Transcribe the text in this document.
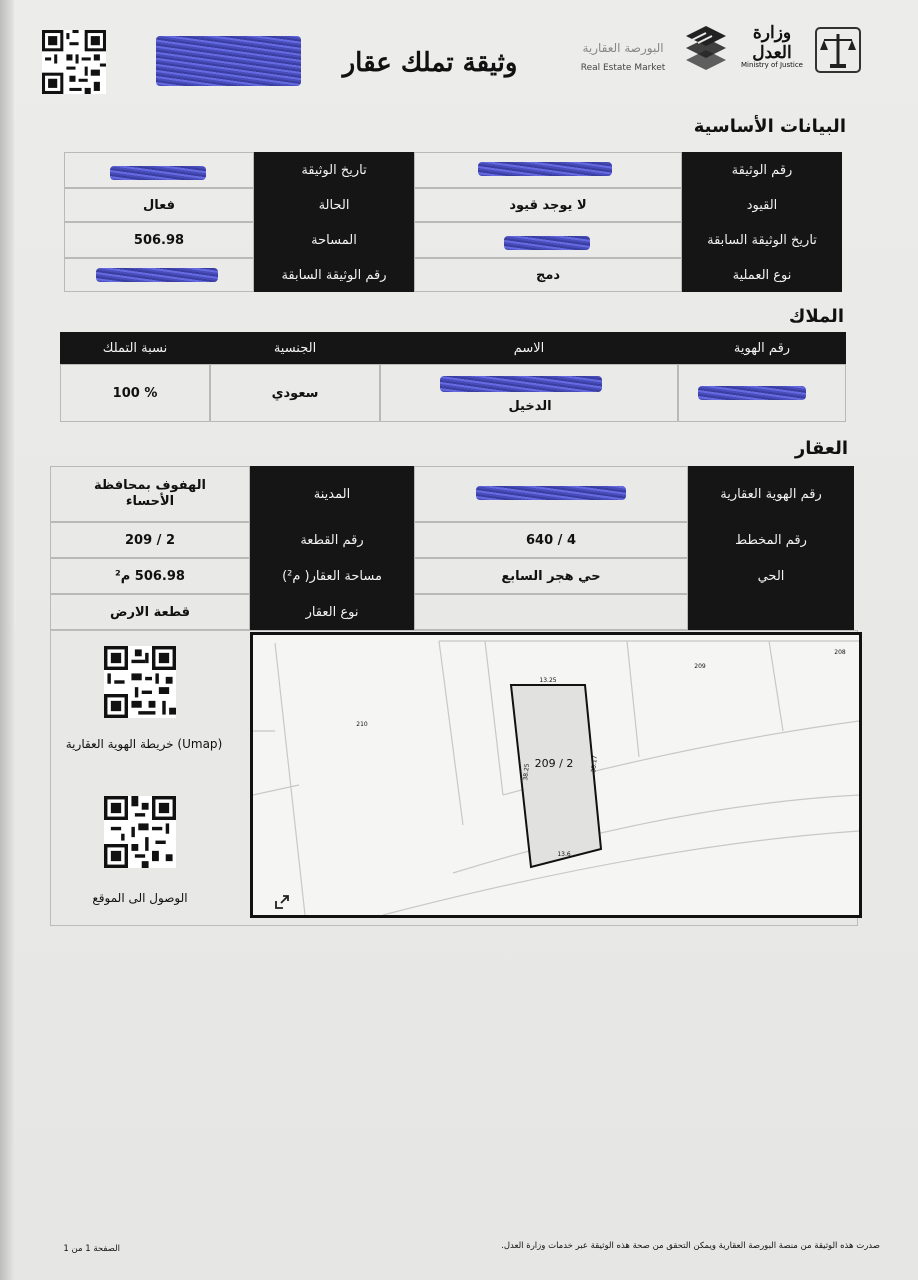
وثيقة تملك عقار	البورصة العقارية
Real Estate Market
وزارة العدل
Ministry of Justice
البيانات الأساسية
رقم الوثيقة
تاريخ الوثيقة
القيود
لا يوجد قيود
الحالة
فعال
تاريخ الوثيقة السابقة
المساحة
506.98
نوع العملية
دمج
رقم الوثيقة السابقة
الملاك
رقم الهوية
الاسم
الجنسية
نسبة التملك
الدخيل
سعودي
% 100
العقار
رقم الهوية العقارية
المدينة
الهفوف بمحافظة الأحساء
رقم المخطط
4 / 640
رقم القطعة
2 / 209
الحي
حي هجر السابع
مساحة العقار( م²)
506.98 م²
نوع العقار
قطعة الارض
(Umap) خريطة الهوية العقارية
الوصول الى الموقع
209 / 2
13.25
13.6
38.25	38.17
208
209
210
صدرت هذه الوثيقة من منصة البورصة العقارية ويمكن التحقق من صحة هذه الوثيقة عبر خدمات وزارة العدل.
الصفحة 1 من 1
